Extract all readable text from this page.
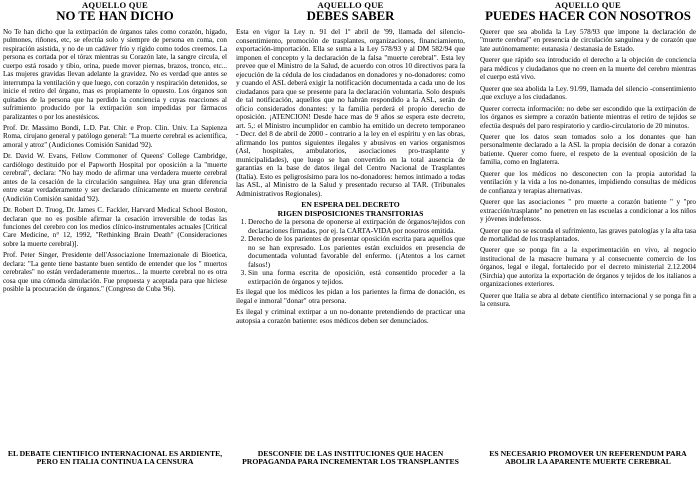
AQUELLO QUE
NO TE HAN DICHO

No Te han dicho que la extirpación de órganos tales como corazón, hígado, pulmones, riñones, etc, se efectúa solo y siempre de persona en coma, con respiración asistida, y no de un cadáver frío y rígido como todos creemos. La persona es cortada por el tórax mientras su Corazón late, la sangre circula, el cuerpo está rosado y tibio, orina, puede mover piernas, brazos, tronco, etc... Las mujeres gravidas llevan adelante la gravidez. No es verdad que antes se interrumpa la ventilación y que luego, con corazón y respiración detenidos, se inicie el retiro del órgano, mas es propiamente lo opuesto. Los órganos son quitados de la persona que ha perdido la conciencia y cuyas reacciones al sufrimiento producido por la extirpación son impedidas por fármacos paralizantes o por los anestésicos.

Prof. Dr. Massimo Bondi, L.D. Pat. Chir. e Prop. Clin. Univ. La Sapienza Roma, cirujano general y patólogo general: "La muerte cerebral es acientífica, amoral y atroz" (Audiciones Comisión Sanidad '92).

Dr. David W. Evans, Fellow Commoner of Queens' College Cambridge, cardiólogo destituido por el Papworth Hospital por oposición a la "muerte cerebral", declara: "No hay modo de afirmar una verdadera muerte cerebral antes de la cesación de la circulación sanguínea. Hay una gran diferencia entre estar verdaderamente y ser declarado clínicamente en muerte cerebral (Audición Comisión sanidad '92).

Dr. Robert D. Truog, Dr. James C. Fackler, Harvard Medical School Boston, declaran que no es posible afirmar la cesación irreversible de todas las funciones del cerebro con los medios clínico-instrumentales actuales [Critical Care Medicine, n° 12, 1992, "Rethinking Brain Death" (Consideraciones sobre la muerte cerebral)].

Prof. Peter Singer, Presidente dell'Associazione Internazionale di Bioetica, declara: "La gente tiene bastante buen sentido de entender que los " muertos cerebrales" no están verdaderamente muertos... la muerte cerebral no es otra cosa que una cómoda simulación. Fue propuesta y aceptada para que hiciese posible la procuración de órganos." (Congreso de Cuba '96).

EL DEBATE CIENTIFICO INTERNACIONAL ES ARDIENTE, PERO EN ITALIA CONTINUA LA CENSURA
AQUELLO QUE
DEBES SABER

Esta en vigor la Ley n. 91 del 1º abril de '99, llamada del silencio-consentimiento, promoción de trasplantes, organizaciones, financiamiento, exportación-importación. Ella se suma a la Ley 578/93 y al DM 582/94 que imponen el concepto y la declaración de la falsa "muerte cerebral". Esta ley prevee que el Ministro de la Salud, de acuerdo con otros 10 directivos para la ejecución de la cédula de los ciudadanos en donadores y no-donadores: como y cuando el ASL deberá exigir la notificación documentada a cada uno de los ciudadanos para que se presente para la declaración voluntaria. Solo después de tal notificación, aquellos que no habrán respondido a la ASL, serán de oficio considerados donantes: y la familia perderá el propio derecho de oposición. ¡ATENCION! Desde hace mas de 9 años se espera este decreto, art. 5,: el Ministro incumplidor en cambio ha emitido un decreto temporaneo - Decr. del 8 de abril de 2000 - contrario a la ley en el espíritu y en las obras, afirmando los puntos siguientes ilegales y abusivos en varios organismos (Asl, hospitales, ambulatorios, asociaciones pro-trasplante y municipalidades), que luego se han convertido en la total ausencia de garantías en la base de datos ilegal del Centro Nacional de Trasplantes (Italia). Esto es peligrosísimo para los no-donadores: hemos intimado a todas las ASL, al Ministro de la Salud y presentado recurso al TAR. (Tribunales Administrativos Regionales).

EN ESPERA DEL DECRETO
RIGEN DISPOSICIONES TRANSITORIAS
1. Derecho de la persona de oponerse al extirpación de órganos/tejidos con declaraciones firmadas, por ej. la CARTA-VIDA por nosotros emitida.
2. Derecho de los parientes de presentar oposición escrita para aquellos que no se han expresado. Los parientes están excluidos en presencia de documentada voluntad favorable del enfermo. (¡Atentos a los carnet falsos!)
3. Sin una forma escrita de oposición, está consentido proceder a la extirpación de órganos y tejidos.

Es ilegal que los médicos les pidan a los parientes la firma de donación, es ilegal e inmoral "donar" otra persona.

Es ilegal y criminal extirpar a un no-donante pretendiendo de practicar una autopsia a corazón batiente: esos médicos deben ser denunciados.

DESCONFIE DE LAS INSTITUCIONES QUE HACEN PROPAGANDA PARA INCREMENTAR LOS TRANSPLANTES
AQUELLO QUE
PUEDES HACER CON NOSOTROS

Querer que sea abolida la Ley 578/93 que impone la declaración de "muerte cerebral" en presencia de circulación sanguínea y de corazón que late autónomamente: eutanasia / destanasia de Estado.

Querer que rápido sea introducido el derecho a la objeción de conciencia para médicos y ciudadanos que no creen en la muerte del cerebro mientras el cuerpo está vivo.

Querer que sea abolida la Ley. 91/99, llamada del silencio -consentimiento ,que excluye a los ciudadanos.

Querer correcta información: no debe ser escondido que la extirpación de los órganos es siempre a corazón batiente mientras el retiro de tejidos se efectúa después del paro respiratorio y cardio-circulatorio de 20 minutos.

Querer que los datos sean tomados solo a los donantes que han personalmente declarado a la ASL la propia decisión de donar a corazón batiente. Querer como fuere, el respeto de la eventual oposición de la familia, como en Inglaterra.

Querer que los médicos no desconecten con la propia autoridad la ventilación y la vida a los no-donantes, impidiendo consultas de médicos de confianza y terapias alternativas.

Querer que las asociaciones " pro muerte a corazón batiente " y "pro extracción/trasplante" no penetren en las escuelas a condicionar a los niños y jóvenes indefensos.

Querer que no se esconda el sufrimiento, las graves patologías y la alta tasa de mortalidad de los trasplantados.

Querer que se ponga fin a la experimentación en vivo, al negocio institucional de la masacre humana y al consecuente comercio de los órganos, legal e ilegal, fortalecido por el decreto ministerial 2.12.2004 (Sirchia) que autoriza la exportación de órganos y tejidos de los italianos a organizaciones exteriores.

Querer que Italia se abra al debate científico internacional y se ponga fin a la censura.

ES NECESARIO PROMOVER UN REFERENDUM PARA ABOLIR LA APARENTE MUERTE CEREBRAL
